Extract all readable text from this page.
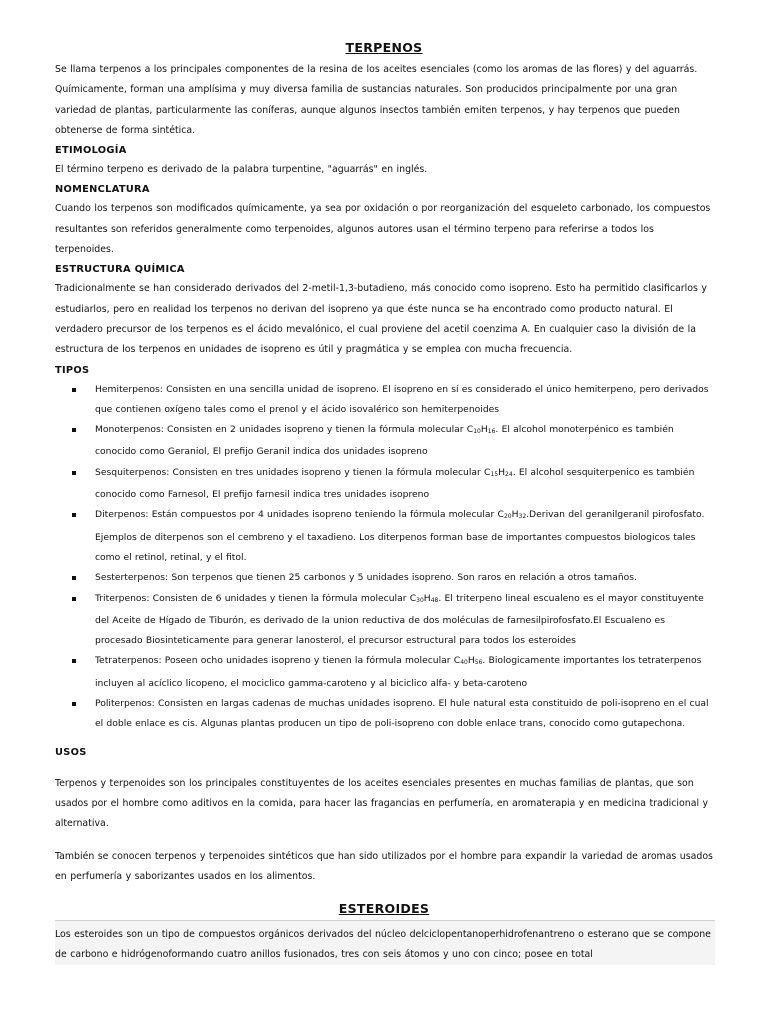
TERPENOS

Se llama terpenos a los principales componentes de la resina de los aceites esenciales (como los aromas de las flores) y del aguarrás. Químicamente, forman una amplísima y muy diversa familia de sustancias naturales. Son producidos principalmente por una gran variedad de plantas, particularmente las coníferas, aunque algunos insectos también emiten terpenos, y hay terpenos que pueden obtenerse de forma sintética.

ETIMOLOGÍA

El término terpeno es derivado de la palabra turpentine, "aguarrás" en inglés.

NOMENCLATURA

Cuando los terpenos son modificados químicamente, ya sea por oxidación o por reorganización del esqueleto carbonado, los compuestos resultantes son referidos generalmente como terpenoides, algunos autores usan el término terpeno para referirse a todos los terpenoides.

ESTRUCTURA QUÍMICA

Tradicionalmente se han considerado derivados del 2-metil-1,3-butadieno, más conocido como isopreno. Esto ha permitido clasificarlos y estudiarlos, pero en realidad los terpenos no derivan del isopreno ya que éste nunca se ha encontrado como producto natural. El verdadero precursor de los terpenos es el ácido mevalónico, el cual proviene del acetil coenzima A. En cualquier caso la división de la estructura de los terpenos en unidades de isopreno es útil y pragmática y se emplea con mucha frecuencia.

TIPOS
Hemiterpenos: Consisten en una sencilla unidad de isopreno. El isopreno en sí es considerado el único hemiterpeno, pero derivados que contienen oxígeno tales como el prenol y el ácido isovalérico son hemiterpenoides
Monoterpenos: Consisten en 2 unidades isopreno y tienen la fórmula molecular $C_{10}H_{16}$. El alcohol monoterpénico es también conocido como Geraniol, El prefijo Geranil indica dos unidades isopreno
Sesquiterpenos: Consisten en tres unidades isopreno y tienen la fórmula molecular $C_{15}H_{24}$. El alcohol sesquiterpenico es también conocido como Farnesol, El prefijo farnesil indica tres unidades isopreno
Diterpenos: Están compuestos por 4 unidades isopreno teniendo la fórmula molecular $C_{20}H_{32}.Derivan$ del geranilgeranil pirofosfato. Ejemplos de diterpenos son el cembreno y el taxadieno. Los diterpenos forman base de importantes compuestos biologicos tales como el retinol, retinal, y el fitol.
Sesterterpenos: Son terpenos que tienen 25 carbonos y 5 unidades isopreno. Son raros en relación a otros tamaños.
Triterpenos: Consisten de 6 unidades y tienen la fórmula molecular $C_{30}H_{48}$. El triterpeno lineal escualeno es el mayor constituyente del Aceite de Hígado de Tiburón, es derivado de la union reductiva de dos moléculas de farnesilpirofosfato.El Escualeno es procesado Biosinteticamente para generar lanosterol, el precursor estructural para todos los esteroides
Tetraterpenos: Poseen ocho unidades isopreno y tienen la fórmula molecular $C_{40}H_{56}$. Biologicamente importantes los tetraterpenos incluyen al acíclico licopeno, el mociclico gamma-caroteno y al biciclico alfa- y beta-caroteno
Politerpenos: Consisten en largas cadenas de muchas unidades isopreno. El hule natural esta constituido de poli-isopreno en el cual el doble enlace es cis. Algunas plantas producen un tipo de poli-isopreno con doble enlace trans, conocido como gutapechona.
USOS

Terpenos y terpenoides son los principales constituyentes de los aceites esenciales presentes en muchas familias de plantas, que son usados por el hombre como aditivos en la comida, para hacer las fragancias en perfumería, en aromaterapia y en medicina tradicional y alternativa.

También se conocen terpenos y terpenoides sintéticos que han sido utilizados por el hombre para expandir la variedad de aromas usados en perfumería y saborizantes usados en los alimentos.

ESTEROIDES

Los esteroides son un tipo de compuestos orgánicos derivados del núcleo delciclopentanoperhidrofenantreno o esterano que se compone de carbono e hidrógenoformando cuatro anillos fusionados, tres con seis átomos y uno con cinco; posee en total
